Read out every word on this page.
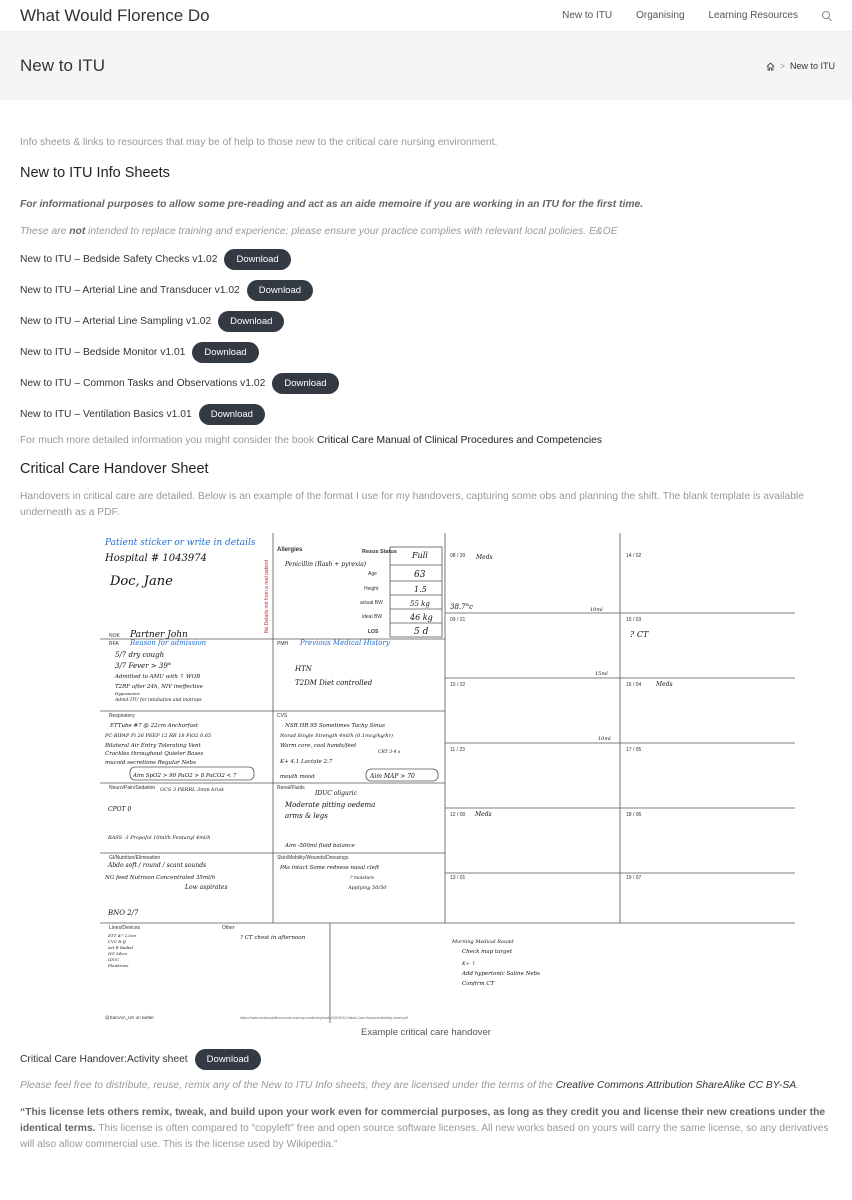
What Would Florence Do	New to ITU Organising Learning Resources
New to ITU	> New to ITU

Info sheets & links to resources that may be of help to those new to the critical care nursing environment.

New to ITU Info Sheets

For informational purposes to allow some pre-reading and act as an aide memoire if you are working in an ITU for the first time.

These are not intended to replace training and experience; please ensure your practice complies with relevant local policies. E&OE

New to ITU – Bedside Safety Checks v1.02	Download
New to ITU – Arterial Line and Transducer v1.02	Download
New to ITU – Arterial Line Sampling v1.02	Download
New to ITU – Bedside Monitor v1.01	Download
New to ITU – Common Tasks and Observations v1.02	Download
New to ITU – Ventilation Basics v1.01	Download

For much more detailed information you might consider the book Critical Care Manual of Clinical Procedures and Competencies

Critical Care Handover Sheet

Handovers in critical care are detailed. Below is an example of the format I use for my handovers, capturing some obs and planning the shift. The blank template is available underneath as a PDF.

Allergies	Resus Status
Age
Height
actual BW
ideal BW
LOS
NOK
RFA	PMH
Respiratory	CVS
Neuro/Pain/Sedation	Renal/Fluids
GI/Nutrition/Elimination	Skin/Mobility/Wounds/Dressings
Lines/Devices	Other
08 / 20	14 / 02
09 / 21	15 / 03
10 / 22	16 / 04
11 / 23	17 / 05
12 / 00	18 / 06
13 / 01	19 / 07
@SamAm_UK on twitter	https://www.whatwouldflorencedo.com/wp-content/uploads/2020/01/Critical-Care-HandoverActivity-sheet.pdf
Patient sticker or write in details
Hospital # 1043974
Doc, Jane
Partner John
Penicillin (Rash + pyrexia)
Full
63
1.5
55 kg
46 kg
5 d
Reason for admission	Previous Medical History
5/7 dry cough
3/7 Fever > 39°
Admitted to AMU with ↑ WOB
T2RF after 24h, NIV ineffective
Hypoxaemic
Admit ITU for intubation and inotrops
HTN
T2DM Diet controlled
ETTube #7 @ 22cm Anchorfast
PC-BIPAP Pi 26 PEEP 12 RR 18 FiO2 0.65
Bilateral Air Entry Tolerating Vent
Crackles throughout Quieter Bases
mucoid secretions Regular Nebs
Aim SpO2 > 90 PaO2 > 8 PaCO2 < 7
NSR HR 95 Sometimes Tachy Sinus
Norad Single Strength 4ml/h (0.1mcg/kg/hr)
Warm core, cool hands/feet
CRT 3-4 s
K+ 4.1 Lactate 2.7
mouth moist	Aim MAP > 70
GCS 3 PERRL 3mm brisk
CPOT 0
RASS -3 Propofol 10ml/h Fentanyl 4ml/h
IDUC oliguric
Moderate pitting oedema
arms & legs
Aim -500ml fluid balance
Abdo soft / round / scant sounds
NG feed Nutrison Concentrated 35ml/h
Low aspirates
BNO 2/7
PAs intact Some redness nasal cleft
? moisture
Applying 50/50
ETT #7 22cm
CVC R IJ
Art R Radial
NG 54cm
IDUC
Flowtrons
? CT chest in afternoon
Meds
38.7°c
? CT
Meds
Meds
10ml
15ml
10ml
Morning Medical Round
Check map target
K+ ↑
Add hypertonic Saline Nebs
Confirm CT
No Details not from a real patient

Example critical care handover

Critical Care Handover:Activity sheet	Download

Please feel free to distribute, reuse, remix any of the New to ITU Info sheets, they are licensed under the terms of the Creative Commons Attribution ShareAlike CC BY-SA.

“This license lets others remix, tweak, and build upon your work even for commercial purposes, as long as they credit you and license their new creations under the identical terms. This license is often compared to “copyleft” free and open source software licenses. All new works based on yours will carry the same license, so any derivatives will also allow commercial use. This is the license used by Wikipedia.”
